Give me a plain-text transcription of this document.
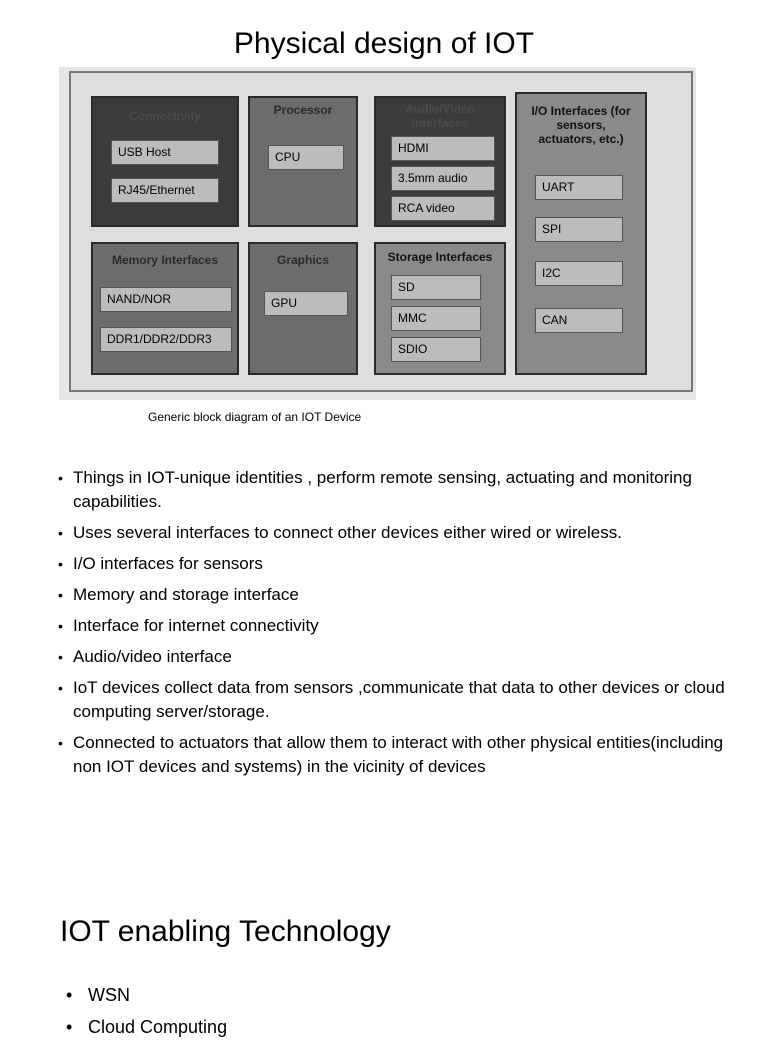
Physical design of IOT
Connectivity
USB Host
RJ45/Ethernet
Processor
CPU
Audio/Video Interfaces
HDMI
3.5mm audio
RCA video
I/O Interfaces (for sensors, actuators, etc.)
UART
SPI
I2C
CAN
Memory Interfaces
NAND/NOR
DDR1/DDR2/DDR3
Graphics
GPU
Storage Interfaces
SD
MMC
SDIO
Generic block diagram of an IOT Device
• Things in IOT-unique identities , perform remote sensing, actuating and monitoring capabilities.
• Uses several interfaces to connect other devices either wired or wireless.
• I/O interfaces for sensors
• Memory and storage interface
• Interface for internet connectivity
• Audio/video interface
• IoT devices collect data from sensors ,communicate that data to other devices or cloud computing server/storage.
• Connected to actuators that allow them to interact with other physical entities(including non IOT devices and systems) in the vicinity of devices
IOT enabling Technology
• WSN
• Cloud Computing
